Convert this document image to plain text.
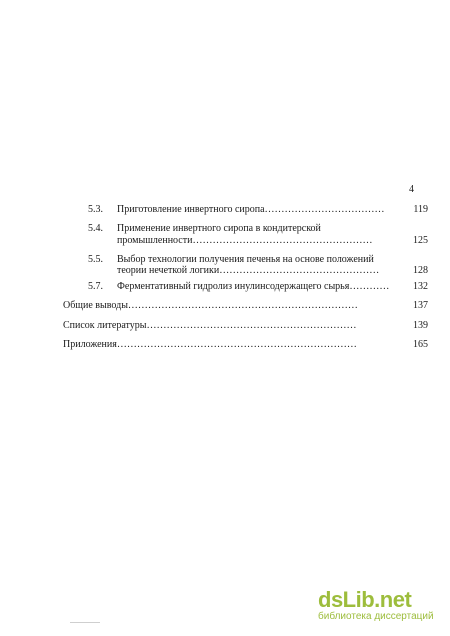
4
5.3. Приготовление инвертного сиропа………………………………	119
5.4. Применение инвертного сиропа в кондитерской
промышленности………………………………………………	125
5.5. Выбор технологии получения печенья на основе положений
теории нечеткой логики…………………………………………	128
5.7. Ферментативный гидролиз инулинсодержащего сырья…………	132
Общие выводы……………………………………………………………	137
Список литературы………………………………………………………	139
Приложения………………………………………………………………	165
dsLib.net
библиотека диссертаций
